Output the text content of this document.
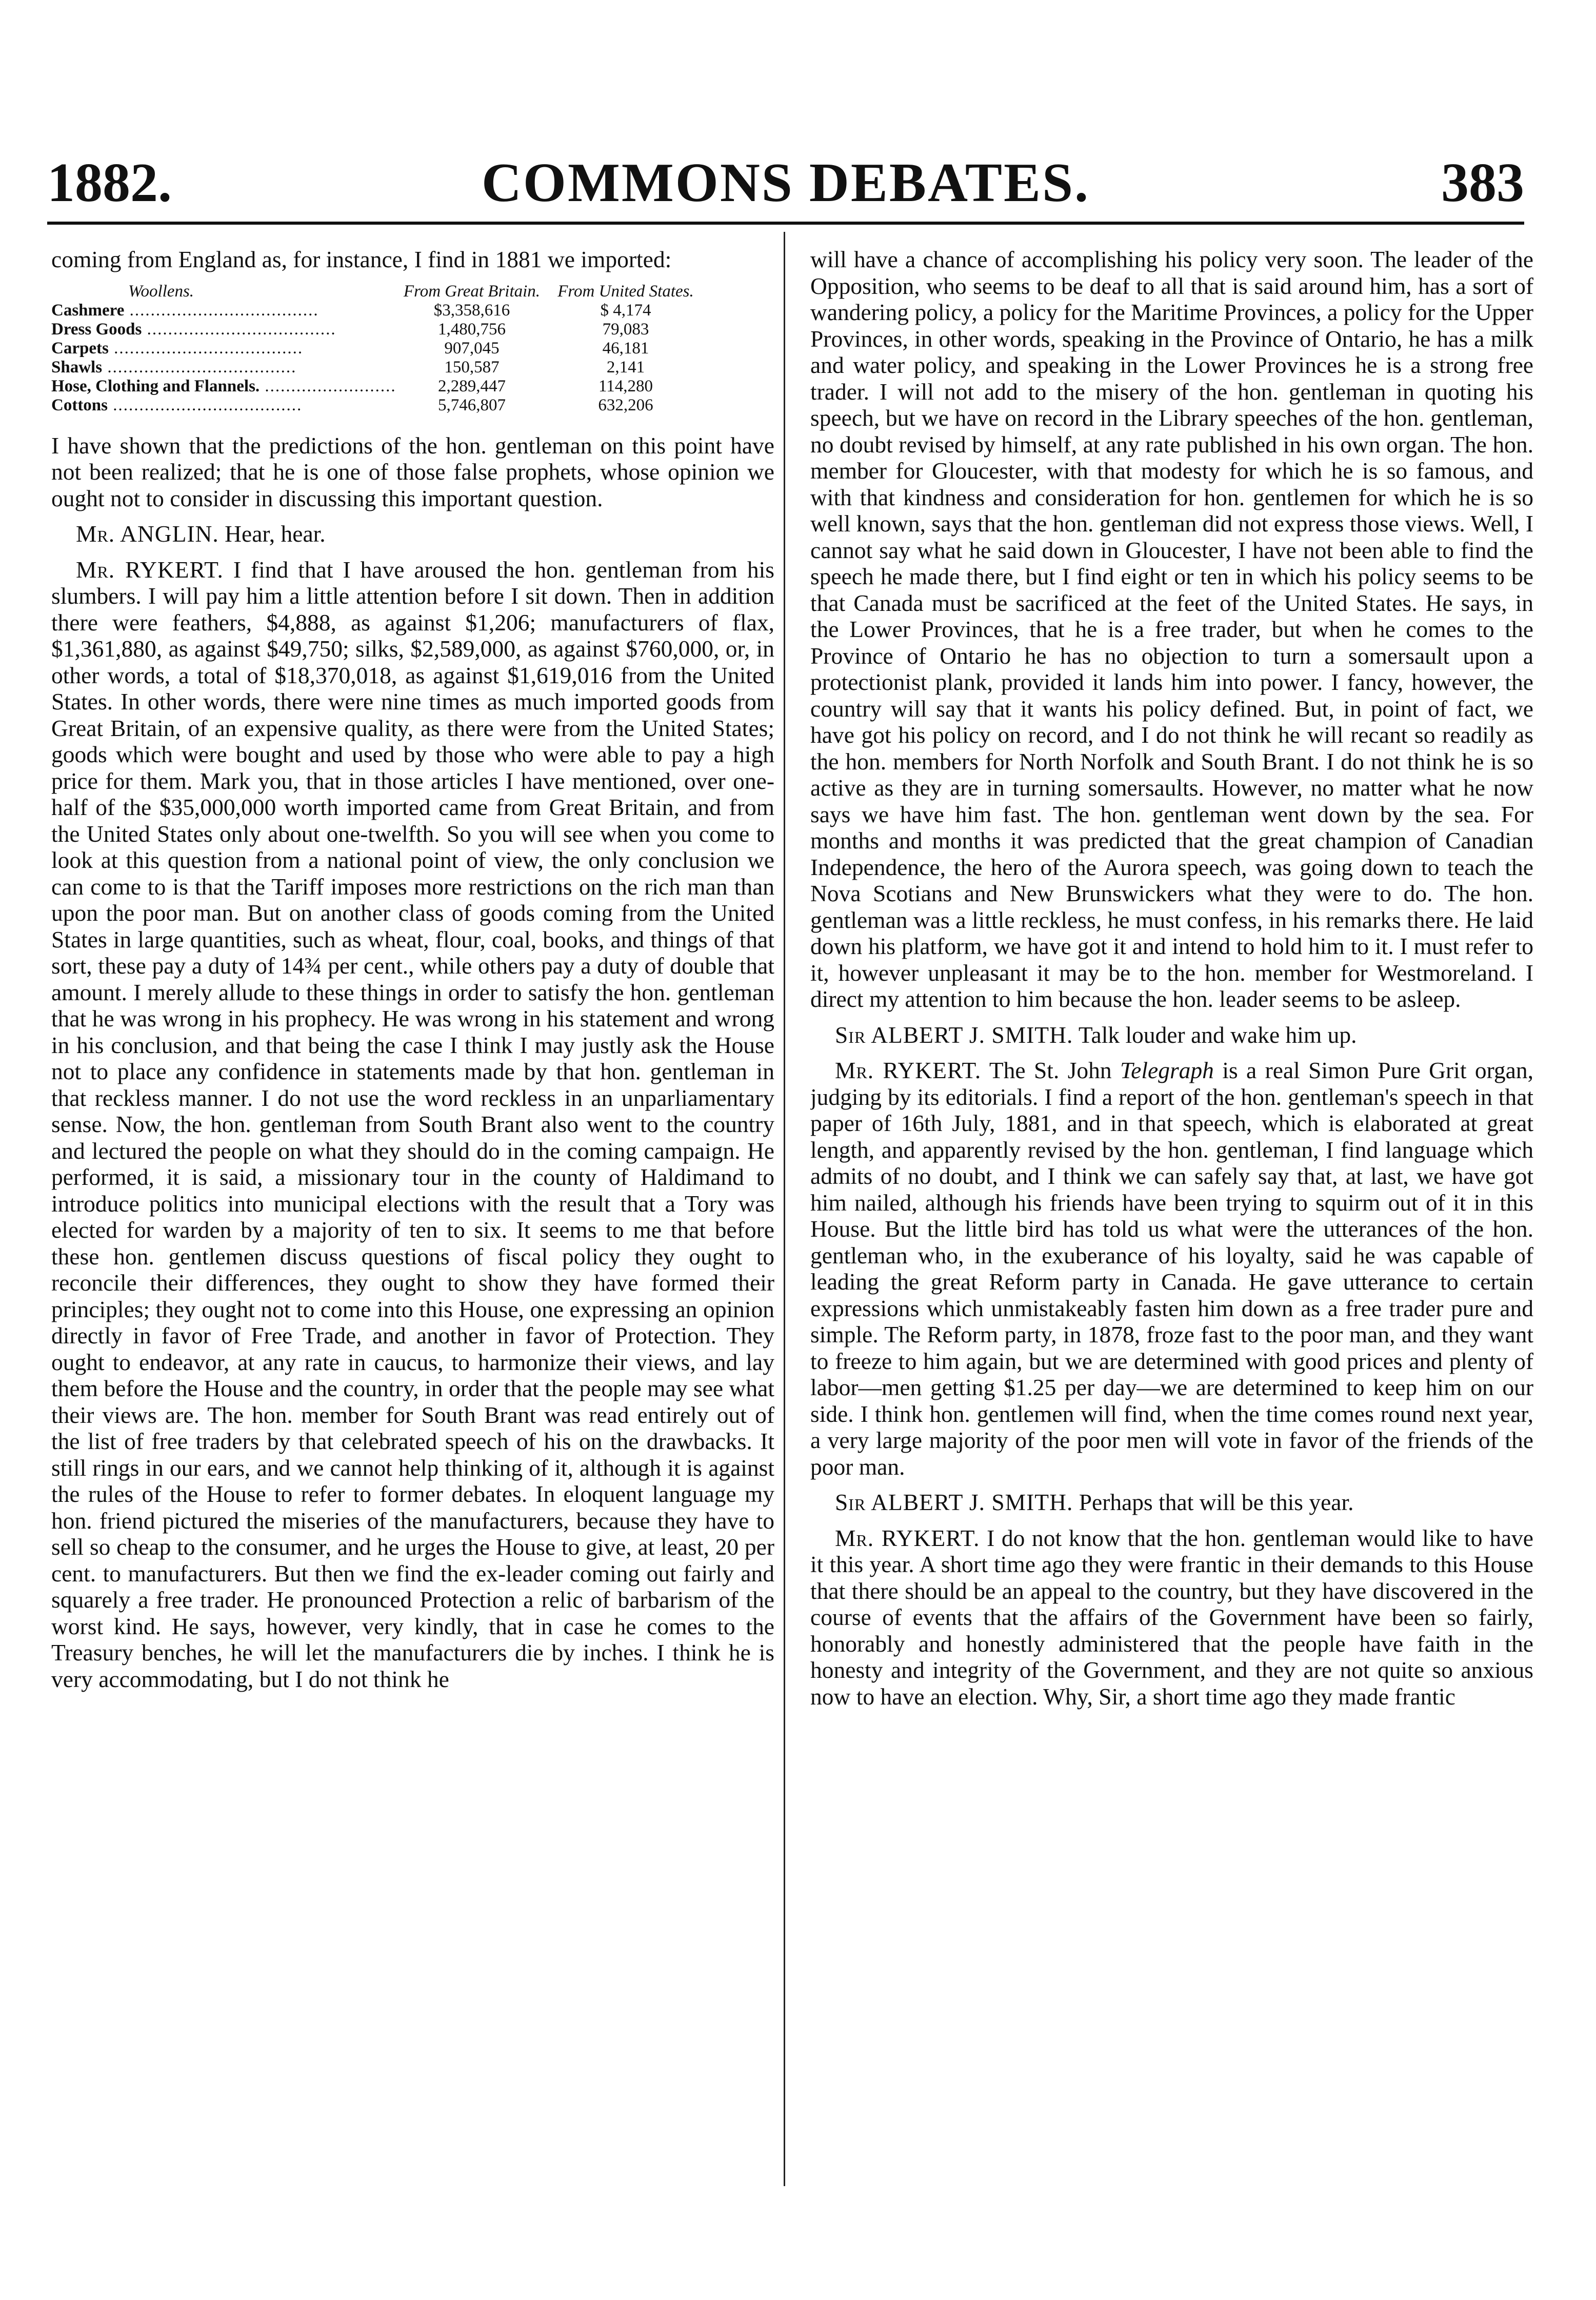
1882.	COMMONS DEBATES.	383

coming from England as, for instance, I find in 1881 we imported:

Woollens.	From Great Britain.	From United States.
Cashmere .....	$3,358,616	$ 4,174
Dress Goods .....	1,480,756	79,083
Carpets .....	907,045	46,181
Shawls .....	150,587	2,141
Hose, Clothing and Flannels. .....	2,289,447	114,280
Cottons .....	5,746,807	632,206

I have shown that the predictions of the hon. gentleman on this point have not been realized; that he is one of those false prophets, whose opinion we ought not to consider in discussing this important question.

Mr. ANGLIN. Hear, hear.

Mr. RYKERT. I find that I have aroused the hon. gentleman from his slumbers. I will pay him a little attention before I sit down. Then in addition there were feathers, $4,888, as against $1,206; manufacturers of flax, $1,361,880, as against $49,750; silks, $2,589,000, as against $760,000, or, in other words, a total of $18,370,018, as against $1,619,016 from the United States. In other words, there were nine times as much imported goods from Great Britain, of an expensive quality, as there were from the United States; goods which were bought and used by those who were able to pay a high price for them. Mark you, that in those articles I have mentioned, over one-half of the $35,000,000 worth imported came from Great Britain, and from the United States only about one-twelfth. So you will see when you come to look at this question from a national point of view, the only conclusion we can come to is that the Tariff imposes more restrictions on the rich man than upon the poor man. But on another class of goods coming from the United States in large quantities, such as wheat, flour, coal, books, and things of that sort, these pay a duty of 14¾ per cent., while others pay a duty of double that amount. I merely allude to these things in order to satisfy the hon. gentleman that he was wrong in his prophecy. He was wrong in his statement and wrong in his conclusion, and that being the case I think I may justly ask the House not to place any confidence in statements made by that hon. gentleman in that reckless manner. I do not use the word reckless in an unparliamentary sense. Now, the hon. gentleman from South Brant also went to the country and lectured the people on what they should do in the coming campaign. He performed, it is said, a missionary tour in the county of Haldimand to introduce politics into municipal elections with the result that a Tory was elected for warden by a majority of ten to six. It seems to me that before these hon. gentlemen discuss questions of fiscal policy they ought to reconcile their differences, they ought to show they have formed their principles; they ought not to come into this House, one expressing an opinion directly in favor of Free Trade, and another in favor of Protection. They ought to endeavor, at any rate in caucus, to harmonize their views, and lay them before the House and the country, in order that the people may see what their views are. The hon. member for South Brant was read entirely out of the list of free traders by that celebrated speech of his on the drawbacks. It still rings in our ears, and we cannot help thinking of it, although it is against the rules of the House to refer to former debates. In eloquent language my hon. friend pictured the miseries of the manufacturers, because they have to sell so cheap to the consumer, and he urges the House to give, at least, 20 per cent. to manufacturers. But then we find the ex-leader coming out fairly and squarely a free trader. He pronounced Protection a relic of barbarism of the worst kind. He says, however, very kindly, that in case he comes to the Treasury benches, he will let the manufacturers die by inches. I think he is very accommodating, but I do not think he

will have a chance of accomplishing his policy very soon. The leader of the Opposition, who seems to be deaf to all that is said around him, has a sort of wandering policy, a policy for the Maritime Provinces, a policy for the Upper Provinces, in other words, speaking in the Province of Ontario, he has a milk and water policy, and speaking in the Lower Provinces he is a strong free trader. I will not add to the misery of the hon. gentleman in quoting his speech, but we have on record in the Library speeches of the hon. gentleman, no doubt revised by himself, at any rate published in his own organ. The hon. member for Gloucester, with that modesty for which he is so famous, and with that kindness and consideration for hon. gentlemen for which he is so well known, says that the hon. gentleman did not express those views. Well, I cannot say what he said down in Gloucester, I have not been able to find the speech he made there, but I find eight or ten in which his policy seems to be that Canada must be sacrificed at the feet of the United States. He says, in the Lower Provinces, that he is a free trader, but when he comes to the Province of Ontario he has no objection to turn a somersault upon a protectionist plank, provided it lands him into power. I fancy, however, the country will say that it wants his policy defined. But, in point of fact, we have got his policy on record, and I do not think he will recant so readily as the hon. members for North Norfolk and South Brant. I do not think he is so active as they are in turning somersaults. However, no matter what he now says we have him fast. The hon. gentleman went down by the sea. For months and months it was predicted that the great champion of Canadian Independence, the hero of the Aurora speech, was going down to teach the Nova Scotians and New Brunswickers what they were to do. The hon. gentleman was a little reckless, he must confess, in his remarks there. He laid down his platform, we have got it and intend to hold him to it. I must refer to it, however unpleasant it may be to the hon. member for Westmoreland. I direct my attention to him because the hon. leader seems to be asleep.

Sir ALBERT J. SMITH. Talk louder and wake him up.

Mr. RYKERT. The St. John Telegraph is a real Simon Pure Grit organ, judging by its editorials. I find a report of the hon. gentleman's speech in that paper of 16th July, 1881, and in that speech, which is elaborated at great length, and apparently revised by the hon. gentleman, I find language which admits of no doubt, and I think we can safely say that, at last, we have got him nailed, although his friends have been trying to squirm out of it in this House. But the little bird has told us what were the utterances of the hon. gentleman who, in the exuberance of his loyalty, said he was capable of leading the great Reform party in Canada. He gave utterance to certain expressions which unmistakeably fasten him down as a free trader pure and simple. The Reform party, in 1878, froze fast to the poor man, and they want to freeze to him again, but we are determined with good prices and plenty of labor—men getting $1.25 per day—we are determined to keep him on our side. I think hon. gentlemen will find, when the time comes round next year, a very large majority of the poor men will vote in favor of the friends of the poor man.

Sir ALBERT J. SMITH. Perhaps that will be this year.

Mr. RYKERT. I do not know that the hon. gentleman would like to have it this year. A short time ago they were frantic in their demands to this House that there should be an appeal to the country, but they have discovered in the course of events that the affairs of the Government have been so fairly, honorably and honestly administered that the people have faith in the honesty and integrity of the Government, and they are not quite so anxious now to have an election. Why, Sir, a short time ago they made frantic
